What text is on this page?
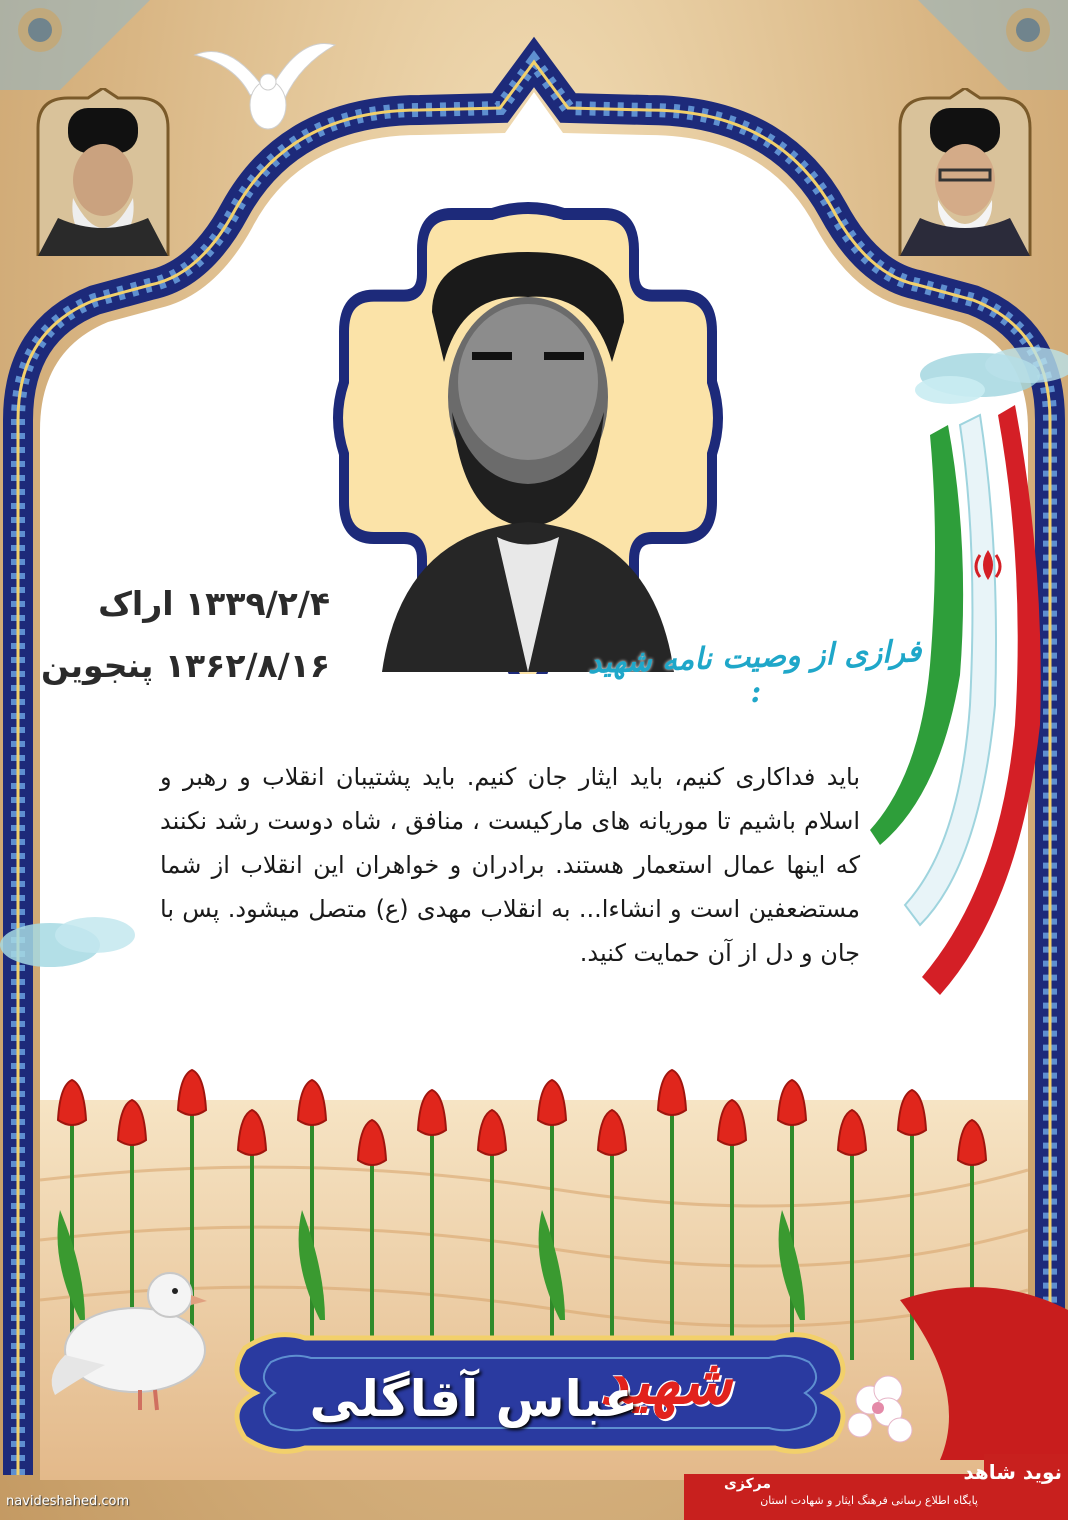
۱۳۳۹/۲/۴ اراک
۱۳۶۲/۸/۱۶ پنجوین	فرازی از وصیت نامه شهید :
باید فداکاری کنیم، باید ایثار جان کنیم. باید پشتیبان انقلاب و رهبر و اسلام باشیم تا موریانه های مارکیست ، منافق ، شاه دوست رشد نکنند که اینها عمال استعمار هستند. برادران و خواهران این انقلاب از شما مستضعفین است و انشاءا... به انقلاب مهدی (ع) متصل میشود. پس با جان و دل از آن حمایت کنید.
شهید
عباس آقاگلی
navideshahed.com
نوید شاهد
پایگاه اطلاع رسانی فرهنگ ایثار و شهادت استان
مرکزی
